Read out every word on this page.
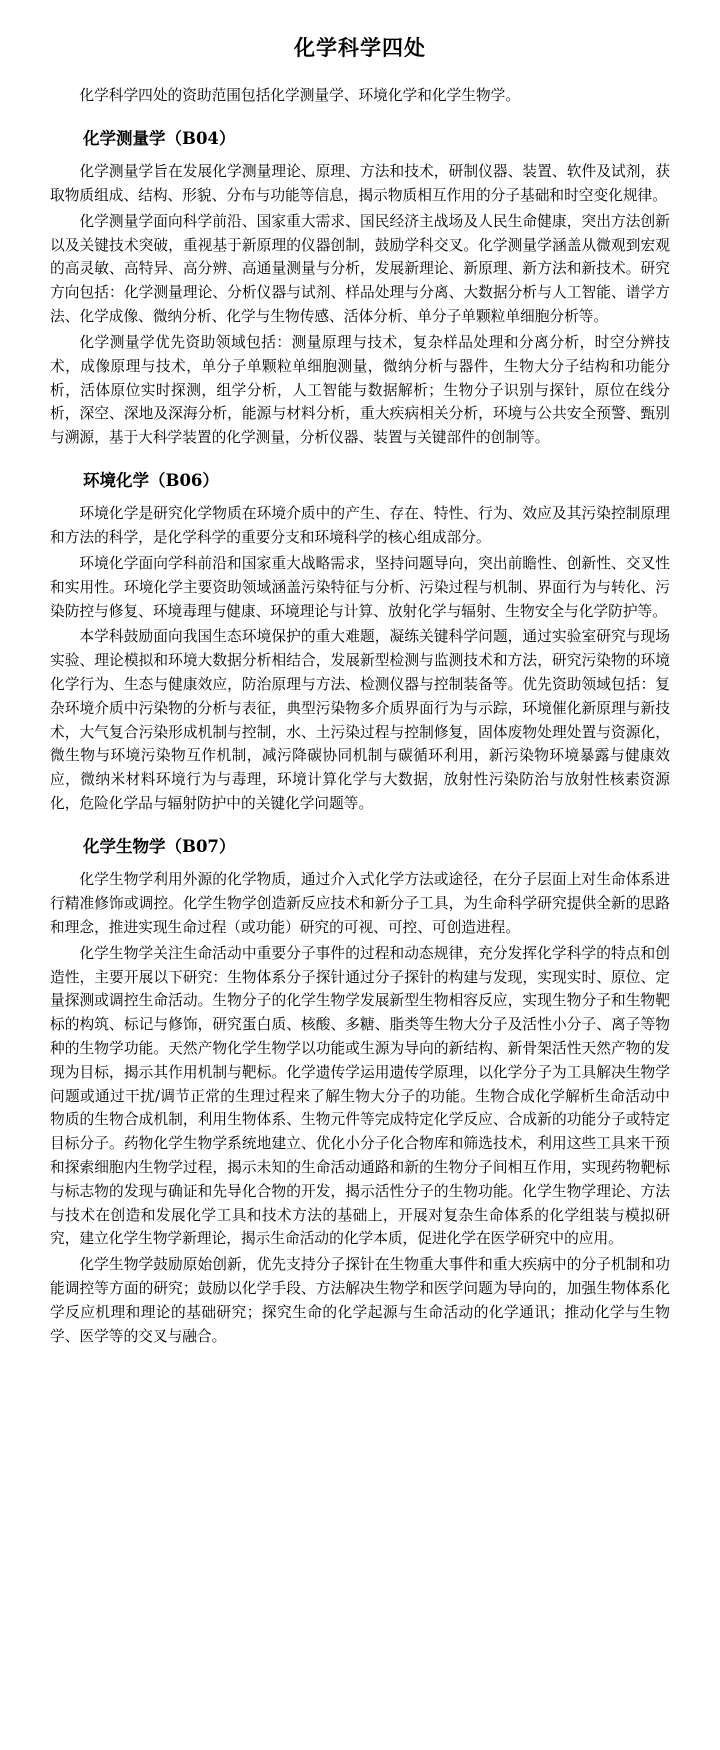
化学科学四处

化学科学四处的资助范围包括化学测量学、环境化学和化学生物学。

化学测量学（B04）

化学测量学旨在发展化学测量理论、原理、方法和技术，研制仪器、装置、软件及试剂，获取物质组成、结构、形貌、分布与功能等信息，揭示物质相互作用的分子基础和时空变化规律。

化学测量学面向科学前沿、国家重大需求、国民经济主战场及人民生命健康，突出方法创新以及关键技术突破，重视基于新原理的仪器创制，鼓励学科交叉。化学测量学涵盖从微观到宏观的高灵敏、高特异、高分辨、高通量测量与分析，发展新理论、新原理、新方法和新技术。研究方向包括：化学测量理论、分析仪器与试剂、样品处理与分离、大数据分析与人工智能、谱学方法、化学成像、微纳分析、化学与生物传感、活体分析、单分子单颗粒单细胞分析等。

化学测量学优先资助领域包括：测量原理与技术，复杂样品处理和分离分析，时空分辨技术，成像原理与技术，单分子单颗粒单细胞测量，微纳分析与器件，生物大分子结构和功能分析，活体原位实时探测，组学分析，人工智能与数据解析；生物分子识别与探针，原位在线分析，深空、深地及深海分析，能源与材料分析，重大疾病相关分析，环境与公共安全预警、甄别与溯源，基于大科学装置的化学测量，分析仪器、装置与关键部件的创制等。

环境化学（B06）

环境化学是研究化学物质在环境介质中的产生、存在、特性、行为、效应及其污染控制原理和方法的科学，是化学科学的重要分支和环境科学的核心组成部分。

环境化学面向学科前沿和国家重大战略需求，坚持问题导向，突出前瞻性、创新性、交叉性和实用性。环境化学主要资助领域涵盖污染特征与分析、污染过程与机制、界面行为与转化、污染防控与修复、环境毒理与健康、环境理论与计算、放射化学与辐射、生物安全与化学防护等。

本学科鼓励面向我国生态环境保护的重大难题，凝练关键科学问题，通过实验室研究与现场实验、理论模拟和环境大数据分析相结合，发展新型检测与监测技术和方法，研究污染物的环境化学行为、生态与健康效应，防治原理与方法、检测仪器与控制装备等。优先资助领域包括：复杂环境介质中污染物的分析与表征，典型污染物多介质界面行为与示踪，环境催化新原理与新技术，大气复合污染形成机制与控制，水、土污染过程与控制修复，固体废物处理处置与资源化，微生物与环境污染物互作机制，减污降碳协同机制与碳循环利用，新污染物环境暴露与健康效应，微纳米材料环境行为与毒理，环境计算化学与大数据，放射性污染防治与放射性核素资源化，危险化学品与辐射防护中的关键化学问题等。

化学生物学（B07）

化学生物学利用外源的化学物质，通过介入式化学方法或途径，在分子层面上对生命体系进行精准修饰或调控。化学生物学创造新反应技术和新分子工具，为生命科学研究提供全新的思路和理念，推进实现生命过程（或功能）研究的可视、可控、可创造进程。

化学生物学关注生命活动中重要分子事件的过程和动态规律，充分发挥化学科学的特点和创造性，主要开展以下研究：生物体系分子探针通过分子探针的构建与发现，实现实时、原位、定量探测或调控生命活动。生物分子的化学生物学发展新型生物相容反应，实现生物分子和生物靶标的构筑、标记与修饰，研究蛋白质、核酸、多糖、脂类等生物大分子及活性小分子、离子等物种的生物学功能。天然产物化学生物学以功能或生源为导向的新结构、新骨架活性天然产物的发现为目标，揭示其作用机制与靶标。化学遗传学运用遗传学原理，以化学分子为工具解决生物学问题或通过干扰/调节正常的生理过程来了解生物大分子的功能。生物合成化学解析生命活动中物质的生物合成机制，利用生物体系、生物元件等完成特定化学反应、合成新的功能分子或特定目标分子。药物化学生物学系统地建立、优化小分子化合物库和筛选技术，利用这些工具来干预和探索细胞内生物学过程，揭示未知的生命活动通路和新的生物分子间相互作用，实现药物靶标与标志物的发现与确证和先导化合物的开发，揭示活性分子的生物功能。化学生物学理论、方法与技术在创造和发展化学工具和技术方法的基础上，开展对复杂生命体系的化学组装与模拟研究，建立化学生物学新理论，揭示生命活动的化学本质，促进化学在医学研究中的应用。

化学生物学鼓励原始创新，优先支持分子探针在生物重大事件和重大疾病中的分子机制和功能调控等方面的研究；鼓励以化学手段、方法解决生物学和医学问题为导向的，加强生物体系化学反应机理和理论的基础研究；探究生命的化学起源与生命活动的化学通讯；推动化学与生物学、医学等的交叉与融合。
